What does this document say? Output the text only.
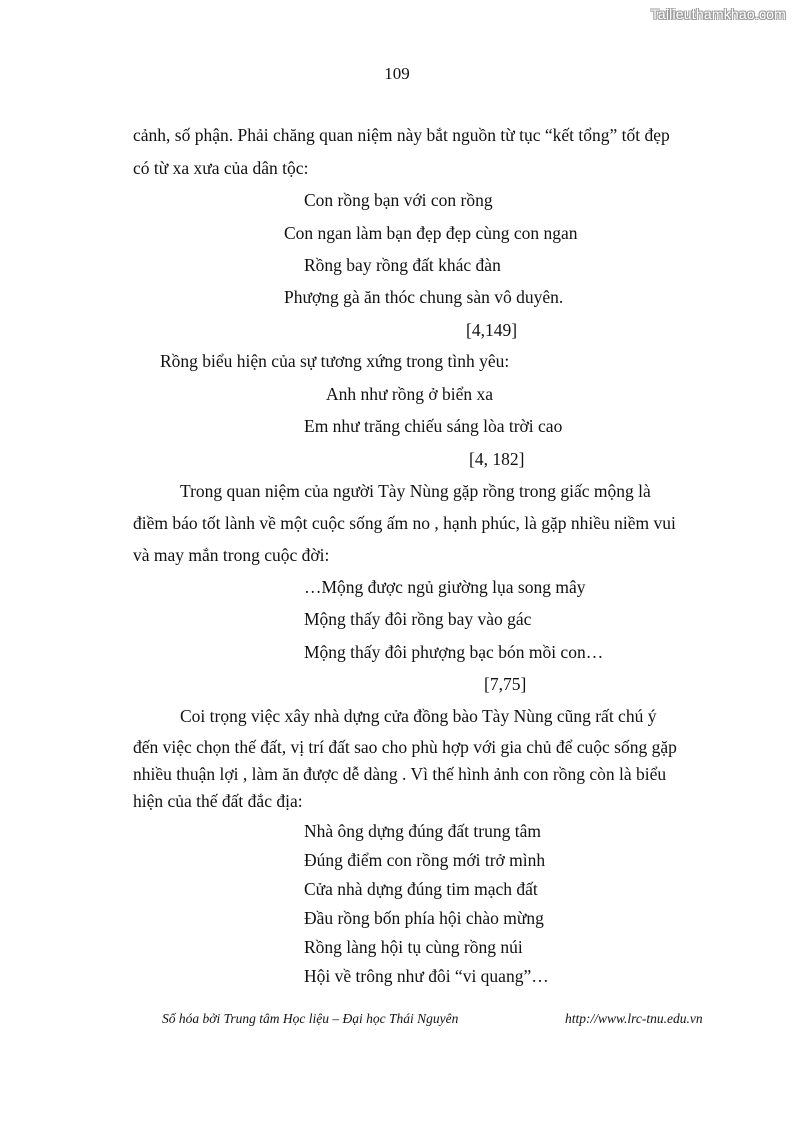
Tailieuthamkhao.com
109
cảnh, số phận. Phải chăng quan niệm này bắt nguồn từ tục “kết tổng” tốt đẹp
có từ xa xưa của dân tộc:
Con rồng bạn với con rồng
Con ngan làm bạn đẹp đẹp cùng con ngan
Rồng bay rồng đất khác đàn
Phượng gà ăn thóc chung sàn vô duyên.
[4,149]
Rồng biểu hiện của sự tương xứng trong tình yêu:
Anh như rồng ở biển xa
Em như trăng chiếu sáng lòa trời cao
[4, 182]
Trong quan niệm của người Tày Nùng gặp rồng trong giấc mộng là
điềm báo tốt lành về một cuộc sống ấm no , hạnh phúc, là gặp nhiều niềm vui
và may mắn trong cuộc đời:
…Mộng được ngủ giường lụa song mây
Mộng thấy đôi rồng bay vào gác
Mộng thấy đôi phượng bạc bón mồi con…
[7,75]
Coi trọng việc xây nhà dựng cửa đồng bào Tày Nùng cũng rất chú ý
đến việc chọn thế đất, vị trí đất sao cho phù hợp với gia chủ để cuộc sống gặp
nhiều thuận lợi , làm ăn được dễ dàng . Vì thế hình ảnh con rồng còn là biểu
hiện của thế đất đắc địa:
Nhà ông dựng đúng đất trung tâm
Đúng điểm con rồng mới trở mình
Cửa nhà dựng đúng tim mạch đất
Đầu rồng bốn phía hội chào mừng
Rồng làng hội tụ cùng rồng núi
Hội về trông như đôi “vi quang”…
Số hóa bởi Trung tâm Học liệu – Đại học Thái Nguyên	http://www.lrc-tnu.edu.vn
